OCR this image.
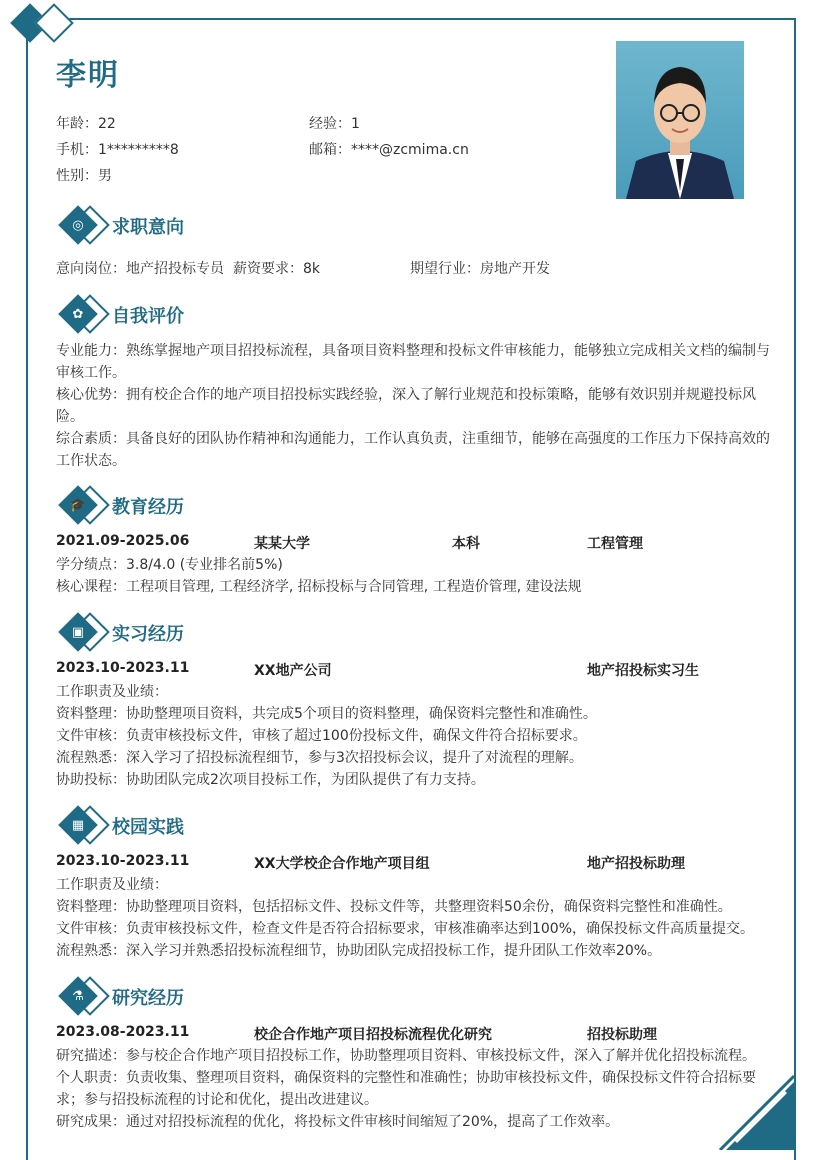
李明
年龄：22	经验：1
手机：1*********8	邮箱：****@zcmima.cn
性别：男
◎	求职意向
意向岗位：地产招投标专员 薪资要求：8k	期望行业：房地产开发
✿	自我评价
专业能力：熟练掌握地产项目招投标流程，具备项目资料整理和投标文件审核能力，能够独立完成相关文档的编制与审核工作。
核心优势：拥有校企合作的地产项目招投标实践经验，深入了解行业规范和投标策略，能够有效识别并规避投标风险。
综合素质：具备良好的团队协作精神和沟通能力，工作认真负责，注重细节，能够在高强度的工作压力下保持高效的工作状态。
🎓	教育经历
2021.09-2025.06	某某大学	本科	工程管理
学分绩点：3.8/4.0 (专业排名前5%)
核心课程：工程项目管理, 工程经济学, 招标投标与合同管理, 工程造价管理, 建设法规
▣	实习经历
2023.10-2023.11	XX地产公司	地产招投标实习生
工作职责及业绩：
资料整理：协助整理项目资料，共完成5个项目的资料整理，确保资料完整性和准确性。
文件审核：负责审核投标文件，审核了超过100份投标文件，确保文件符合招标要求。
流程熟悉：深入学习了招投标流程细节，参与3次招投标会议，提升了对流程的理解。
协助投标：协助团队完成2次项目投标工作，为团队提供了有力支持。
▦	校园实践
2023.10-2023.11	XX大学校企合作地产项目组	地产招投标助理
工作职责及业绩：
资料整理：协助整理项目资料，包括招标文件、投标文件等，共整理资料50余份，确保资料完整性和准确性。
文件审核：负责审核投标文件，检查文件是否符合招标要求，审核准确率达到100%，确保投标文件高质量提交。
流程熟悉：深入学习并熟悉招投标流程细节，协助团队完成招投标工作，提升团队工作效率20%。
⚗	研究经历
2023.08-2023.11	校企合作地产项目招投标流程优化研究	招投标助理
研究描述：参与校企合作地产项目招投标工作，协助整理项目资料、审核投标文件，深入了解并优化招投标流程。
个人职责：负责收集、整理项目资料，确保资料的完整性和准确性；协助审核投标文件，确保投标文件符合招标要求；参与招投标流程的讨论和优化，提出改进建议。
研究成果：通过对招投标流程的优化，将投标文件审核时间缩短了20%，提高了工作效率。
